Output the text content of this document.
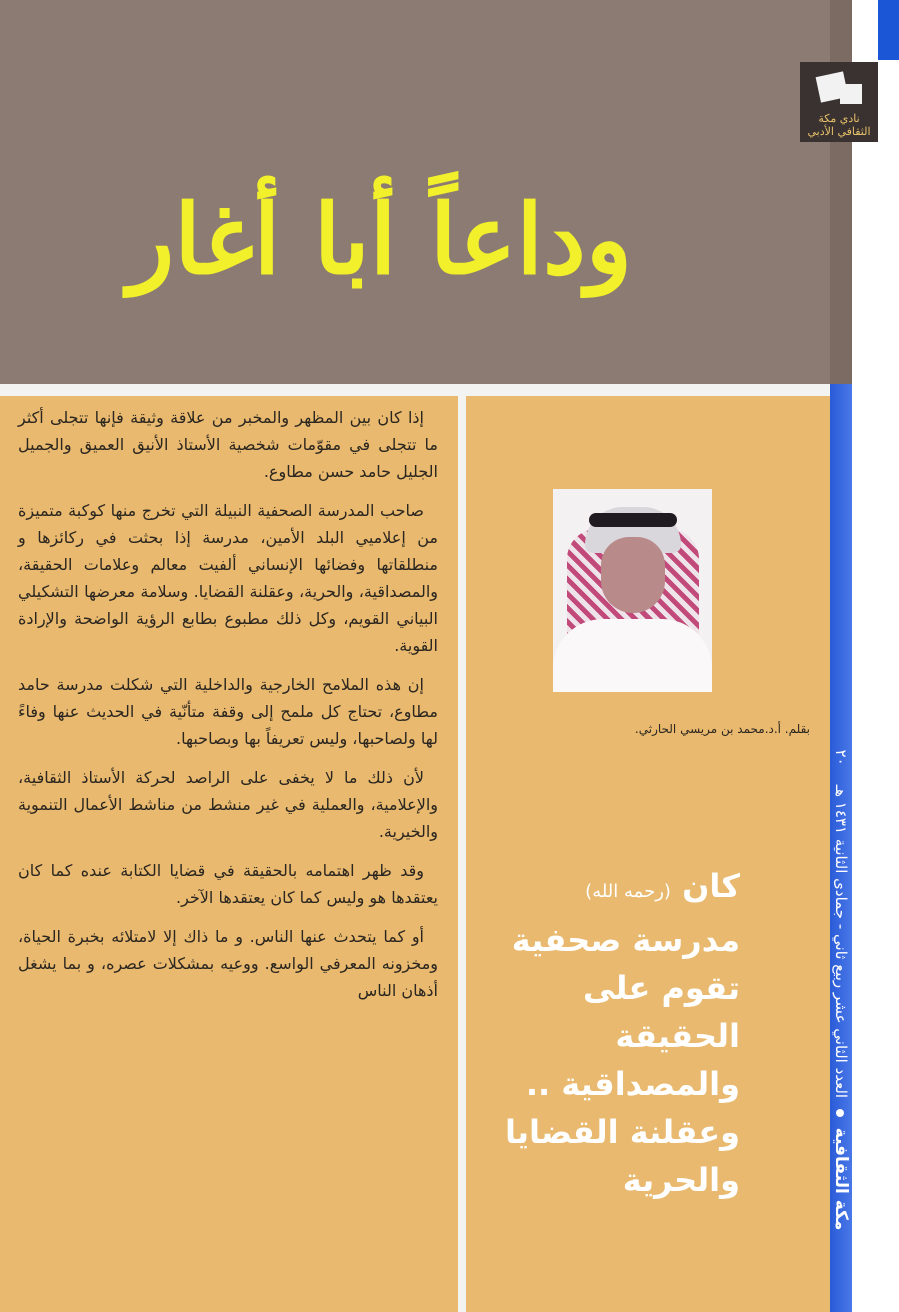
وداعاً أبا أغار
مكة الثقافية  العدد الثاني عشر ربيع ثاني - جمادى الثانية ١٤٣١ هـ    ٢٠
نادي مكة الثقافي الأدبي

إذا كان بين المظهر والمخبر من علاقة وثيقة فإنها تتجلى أكثر ما تتجلى في مقوّمات شخصية الأستاذ الأنيق العميق والجميل الجليل حامد حسن مطاوع.

صاحب المدرسة الصحفية النبيلة التي تخرج منها كوكبة متميزة من إعلاميي البلد الأمين، مدرسة إذا بحثت في ركائزها و منطلقاتها وفضائها الإنساني ألفيت معالم وعلامات الحقيقة، والمصداقية، والحرية، وعقلنة القضايا. وسلامة معرضها التشكيلي البياني القويم، وكل ذلك مطبوع بطابع الرؤية الواضحة والإرادة القوية.

إن هذه الملامح الخارجية والداخلية التي شكلت مدرسة حامد مطاوع، تحتاج كل ملمح إلى وقفة متأنّية في الحديث عنها وفاءً لها ولصاحبها، وليس تعريفاً بها وبصاحبها.

لأن ذلك ما لا يخفى على الراصد لحركة الأستاذ الثقافية، والإعلامية، والعملية في غير منشط من مناشط الأعمال التنموية والخيرية.

وقد ظهر اهتمامه بالحقيقة في قضايا الكتابة عنده كما كان يعتقدها هو وليس كما كان يعتقدها الآخر.

أو كما يتحدث عنها الناس. و ما ذاك إلا لامتلائه بخبرة الحياة، ومخزونه المعرفي الواسع. ووعيه بمشكلات عصره، و بما يشغل أذهان الناس

بقلم. أ.د.محمد بن مريسي الحارثي.
كان (رحمه الله) مدرسة صحفية تقوم على الحقيقة والمصداقية .. وعقلنة القضايا والحرية
